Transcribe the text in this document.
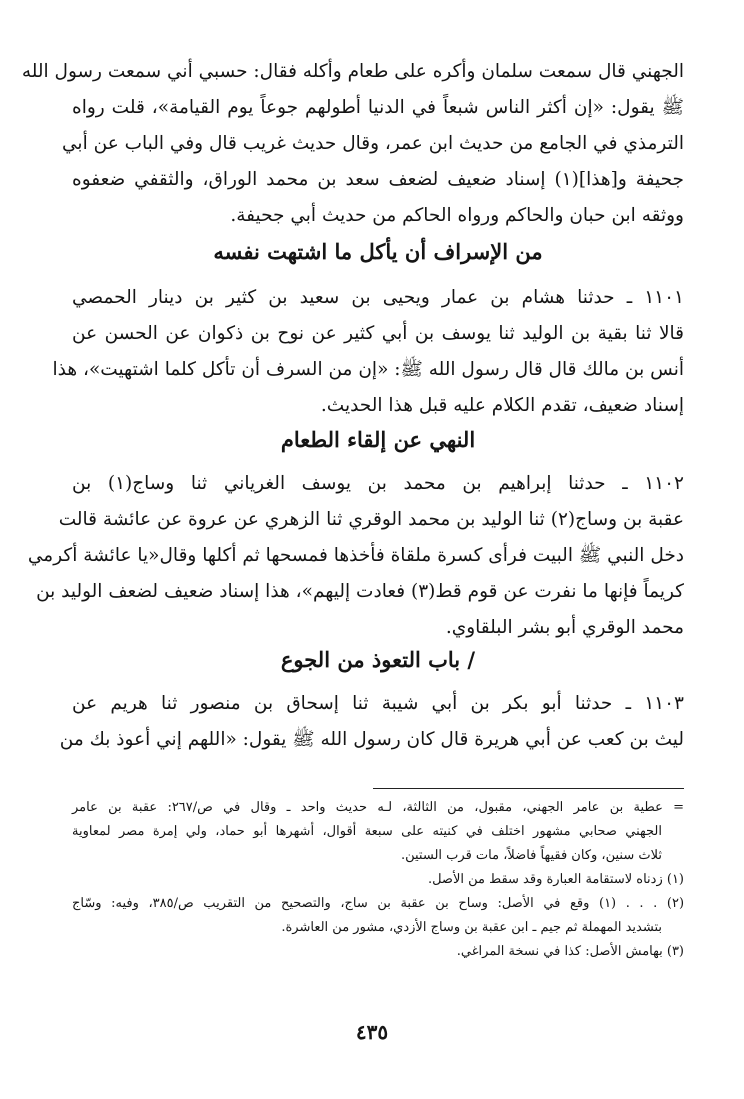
الجهني قال سمعت سلمان وأكره على طعام وأكله فقال: حسبي أني سمعت رسول الله
ﷺ يقول: «إن أكثر الناس شبعاً في الدنيا أطولهم جوعاً يوم القيامة»، قلت رواه
الترمذي في الجامع من حديث ابن عمر، وقال حديث غريب قال وفي الباب عن أبي
جحيفة و[هذا](١) إسناد ضعيف لضعف سعد بن محمد الوراق، والثقفي ضعفوه
ووثقه ابن حبان والحاكم ورواه الحاكم من حديث أبي جحيفة.
من الإسراف أن يأكل ما اشتهت نفسه
١١٠١ ـ حدثنا هشام بن عمار ويحيى بن سعيد بن كثير بن دينار الحمصي
قالا ثنا بقية بن الوليد ثنا يوسف بن أبي كثير عن نوح بن ذكوان عن الحسن عن
أنس بن مالك قال قال رسول الله ﷺ: «إن من السرف أن تأكل كلما اشتهيت»، هذا
إسناد ضعيف، تقدم الكلام عليه قبل هذا الحديث.
النهي عن إلقاء الطعام
١١٠٢ ـ حدثنا إبراهيم بن محمد بن يوسف الغرياني ثنا وساج(١) بن
عقبة بن وساج(٢) ثنا الوليد بن محمد الوقري ثنا الزهري عن عروة عن عائشة قالت
دخل النبي ﷺ البيت فرأى كسرة ملقاة فأخذها فمسحها ثم أكلها وقال«يا عائشة أكرمي
كريماً فإنها ما نفرت عن قوم قط(٣) فعادت إليهم»، هذا إسناد ضعيف لضعف الوليد بن
محمد الوقري أبو بشر البلقاوي.
/ باب التعوذ من الجوع
١١٠٣ ـ حدثنا أبو بكر بن أبي شيبة ثنا إسحاق بن منصور ثنا هريم عن
ليث بن كعب عن أبي هريرة قال كان رسول الله ﷺ يقول: «اللهم إني أعوذ بك من
= عطية بن عامر الجهني، مقبول، من الثالثة، لـه حديث واحد ـ وقال في ص/٢٦٧: عقبة بن عامر
الجهني صحابي مشهور اختلف في كنيته على سبعة أقوال، أشهرها أبو حماد، ولي إمرة مصر لمعاوية
ثلاث سنين، وكان فقيهاً فاضلاً، مات قرب الستين.
(١) زدناه لاستقامة العبارة وقد سقط من الأصل.
(٢) . . . (١) وقع في الأصل: وساح بن عقبة بن ساج، والتصحيح من التقريب ص/٣٨٥، وفيه: وسّاج
بتشديد المهملة ثم جيم ـ ابن عقبة بن وساج الأزدي، مشور من العاشرة.
(٣) بهامش الأصل: كذا في نسخة المراغي.
٤٣٥
